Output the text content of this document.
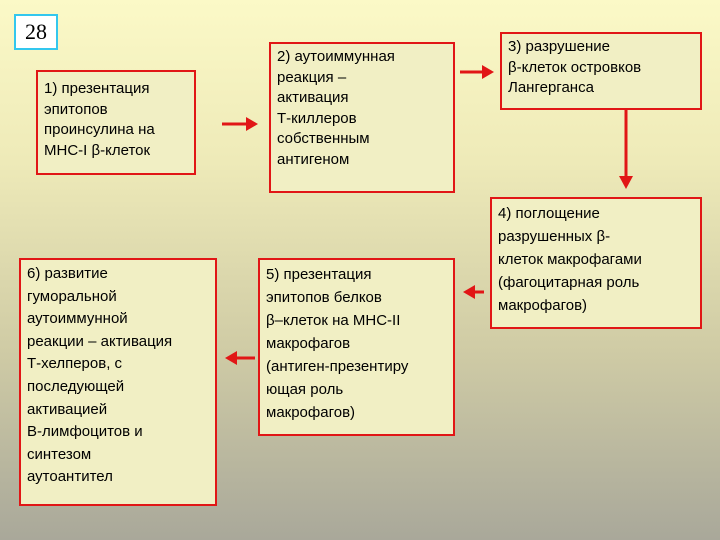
28
1) презентация
эпитопов
проинсулина на
MHC-I β-клеток
2) аутоиммунная
реакция –
активация
Т-киллеров
собственным
антигеном
3) разрушение
β-клеток островков
Лангерганса
4) поглощение
разрушенных β-
клеток макрофагами
(фагоцитарная роль
макрофагов)
5) презентация
эпитопов белков
β–клеток на MHC-II
макрофагов
(антиген-презентиру
ющая роль
макрофагов)
6) развитие
гуморальной
аутоиммунной
реакции – активация
Т-хелперов, с
последующей
активацией
В-лимфоцитов и
синтезом
аутоантител
